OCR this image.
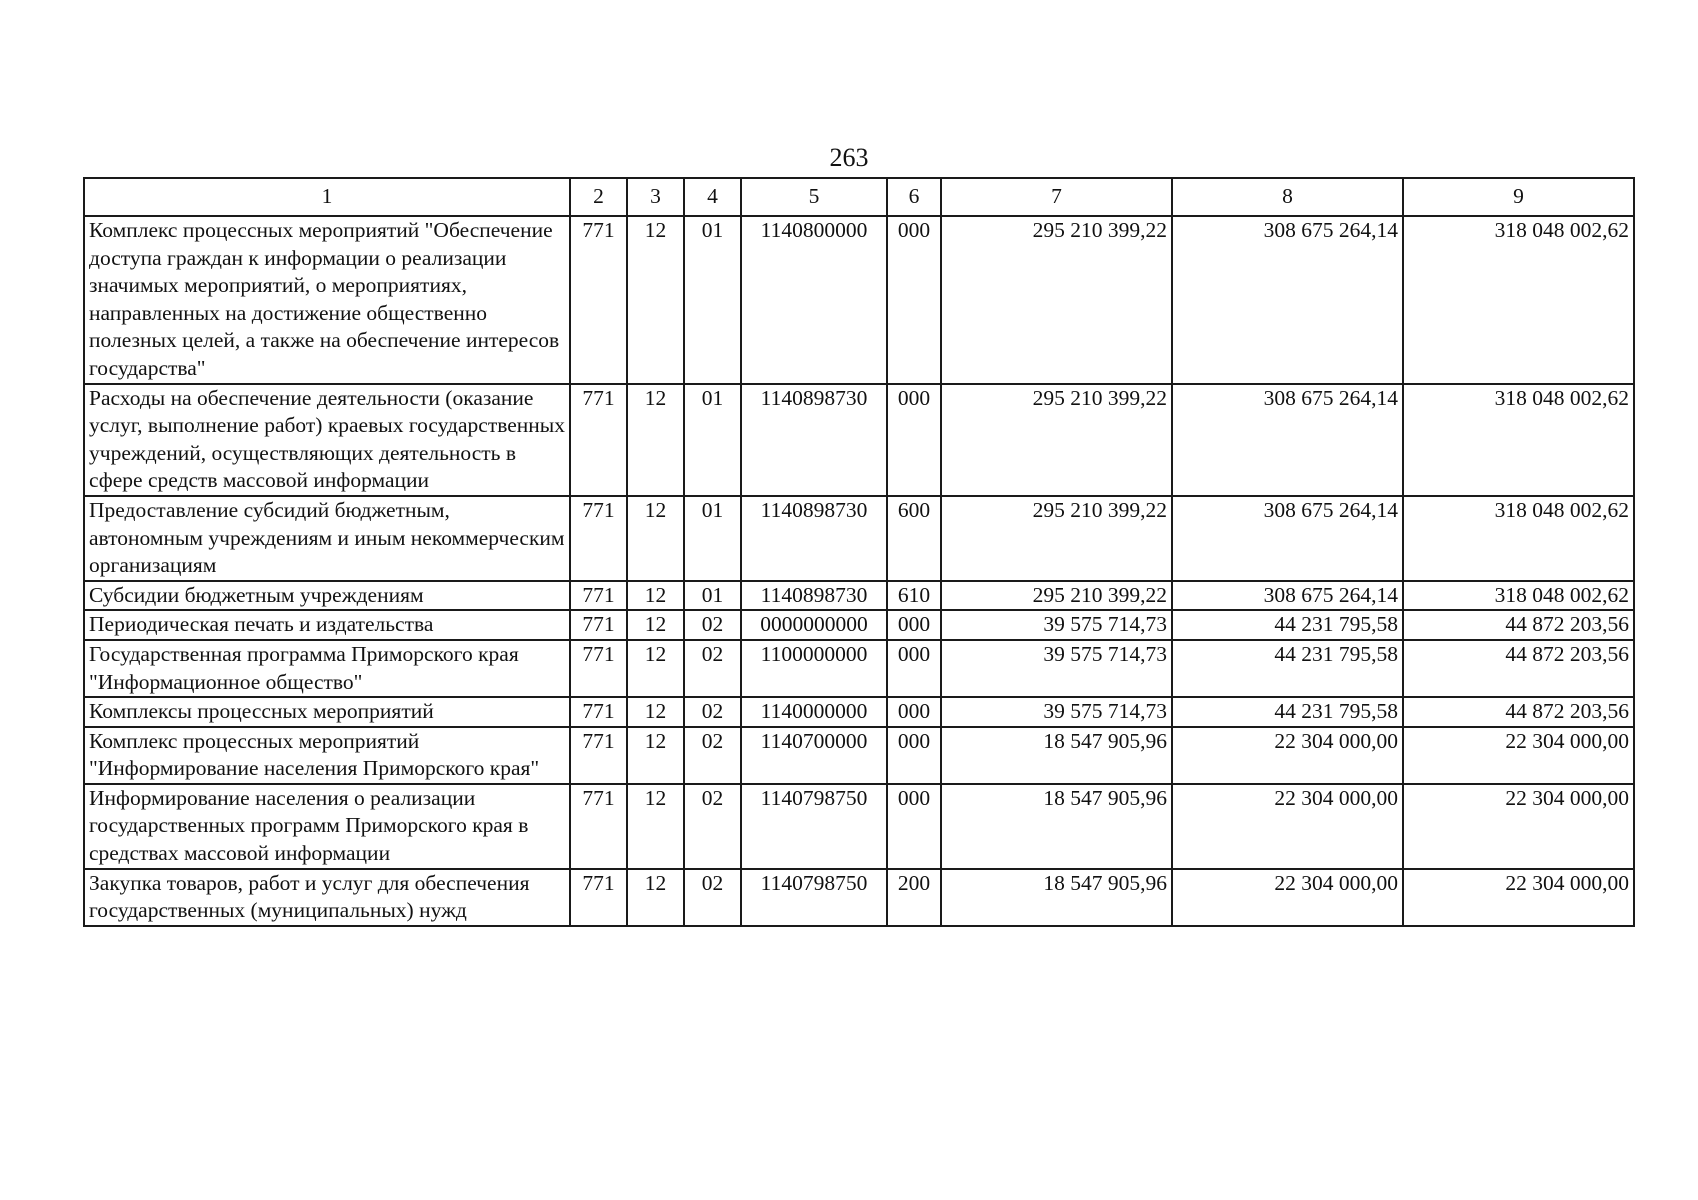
263
1	2	3	4	5	6	7	8	9
Комплекс процессных мероприятий "Обеспечение доступа граждан к информации о реализации значимых мероприятий, о мероприятиях, направленных на достижение общественно полезных целей, а также на обеспечение интересов государства"	771	12	01	1140800000	000	295 210 399,22	308 675 264,14	318 048 002,62
Расходы на обеспечение деятельности (оказание услуг, выполнение работ) краевых государственных учреждений, осуществляющих деятельность в сфере средств массовой информации	771	12	01	1140898730	000	295 210 399,22	308 675 264,14	318 048 002,62
Предоставление субсидий бюджетным, автономным учреждениям и иным некоммерческим организациям	771	12	01	1140898730	600	295 210 399,22	308 675 264,14	318 048 002,62
Субсидии бюджетным учреждениям	771	12	01	1140898730	610	295 210 399,22	308 675 264,14	318 048 002,62
Периодическая печать и издательства	771	12	02	0000000000	000	39 575 714,73	44 231 795,58	44 872 203,56
Государственная программа Приморского края "Информационное общество"	771	12	02	1100000000	000	39 575 714,73	44 231 795,58	44 872 203,56
Комплексы процессных мероприятий	771	12	02	1140000000	000	39 575 714,73	44 231 795,58	44 872 203,56
Комплекс процессных мероприятий "Информирование населения Приморского края"	771	12	02	1140700000	000	18 547 905,96	22 304 000,00	22 304 000,00
Информирование населения о реализации государственных программ Приморского края в средствах массовой информации	771	12	02	1140798750	000	18 547 905,96	22 304 000,00	22 304 000,00
Закупка товаров, работ и услуг для обеспечения государственных (муниципальных) нужд	771	12	02	1140798750	200	18 547 905,96	22 304 000,00	22 304 000,00
